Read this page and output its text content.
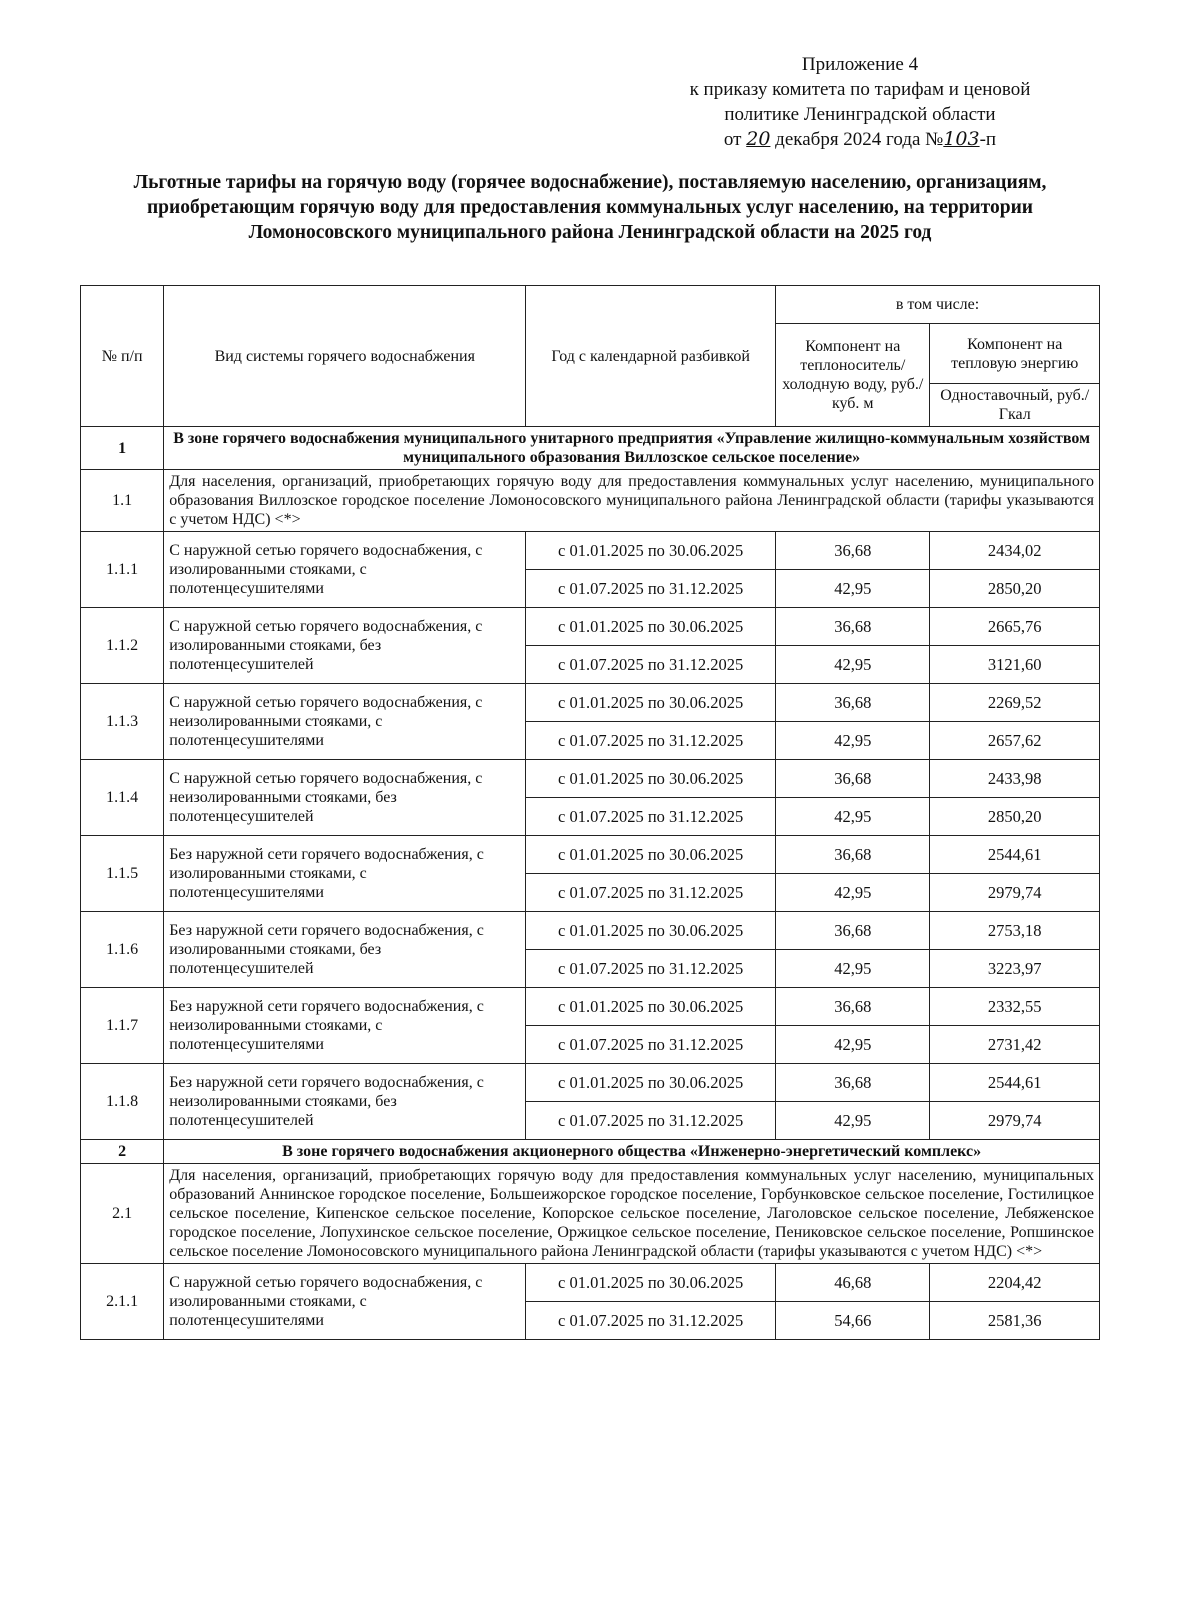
Приложение 4
к приказу комитета по тарифам и ценовой
политике Ленинградской области
от 20 декабря 2024 года №103-п
Льготные тарифы на горячую воду (горячее водоснабжение), поставляемую населению, организациям, приобретающим горячую воду для предоставления коммунальных услуг населению, на территории Ломоносовского муниципального района Ленинградской области на 2025 год
№ п/п	Вид системы горячего водоснабжения	Год с календарной разбивкой	в том числе:	
			Компонент на теплоноситель/ холодную воду, руб./куб. м	Компонент на тепловую энергию
				Одноставочный, руб./Гкал
1	В зоне горячего водоснабжения муниципального унитарного предприятия «Управление жилищно-коммунальным хозяйством муниципального образования Виллозское сельское поселение»			
1.1	Для населения, организаций, приобретающих горячую воду для предоставления коммунальных услуг населению, муниципального образования Виллозское городское поселение Ломоносовского муниципального района Ленинградской области (тарифы указываются с учетом НДС) <*>			
1.1.1	С наружной сетью горячего водоснабжения, с изолированными стояками, с полотенцесушителями	с 01.01.2025 по 30.06.2025	36,68	2434,02
		с 01.07.2025 по 31.12.2025	42,95	2850,20
1.1.2	С наружной сетью горячего водоснабжения, с изолированными стояками, без полотенцесушителей	с 01.01.2025 по 30.06.2025	36,68	2665,76
		с 01.07.2025 по 31.12.2025	42,95	3121,60
1.1.3	С наружной сетью горячего водоснабжения, с неизолированными стояками, с полотенцесушителями	с 01.01.2025 по 30.06.2025	36,68	2269,52
		с 01.07.2025 по 31.12.2025	42,95	2657,62
1.1.4	С наружной сетью горячего водоснабжения, с неизолированными стояками, без полотенцесушителей	с 01.01.2025 по 30.06.2025	36,68	2433,98
		с 01.07.2025 по 31.12.2025	42,95	2850,20
1.1.5	Без наружной сети горячего водоснабжения, с изолированными стояками, с полотенцесушителями	с 01.01.2025 по 30.06.2025	36,68	2544,61
		с 01.07.2025 по 31.12.2025	42,95	2979,74
1.1.6	Без наружной сети горячего водоснабжения, с изолированными стояками, без полотенцесушителей	с 01.01.2025 по 30.06.2025	36,68	2753,18
		с 01.07.2025 по 31.12.2025	42,95	3223,97
1.1.7	Без наружной сети горячего водоснабжения, с неизолированными стояками, с полотенцесушителями	с 01.01.2025 по 30.06.2025	36,68	2332,55
		с 01.07.2025 по 31.12.2025	42,95	2731,42
1.1.8	Без наружной сети горячего водоснабжения, с неизолированными стояками, без полотенцесушителей	с 01.01.2025 по 30.06.2025	36,68	2544,61
		с 01.07.2025 по 31.12.2025	42,95	2979,74
2	В зоне горячего водоснабжения акционерного общества «Инженерно-энергетический комплекс»			
2.1	Для населения, организаций, приобретающих горячую воду для предоставления коммунальных услуг населению, муниципальных образований Аннинское городское поселение, Большеижорское городское поселение, Горбунковское сельское поселение, Гостилицкое сельское поселение, Кипенское сельское поселение, Копорское сельское поселение, Лаголовское сельское поселение, Лебяженское городское поселение, Лопухинское сельское поселение, Оржицкое сельское поселение, Пениковское сельское поселение, Ропшинское сельское поселение Ломоносовского муниципального района Ленинградской области (тарифы указываются с учетом НДС) <*>			
2.1.1	С наружной сетью горячего водоснабжения, с изолированными стояками, с полотенцесушителями	с 01.01.2025 по 30.06.2025	46,68	2204,42
		с 01.07.2025 по 31.12.2025	54,66	2581,36
